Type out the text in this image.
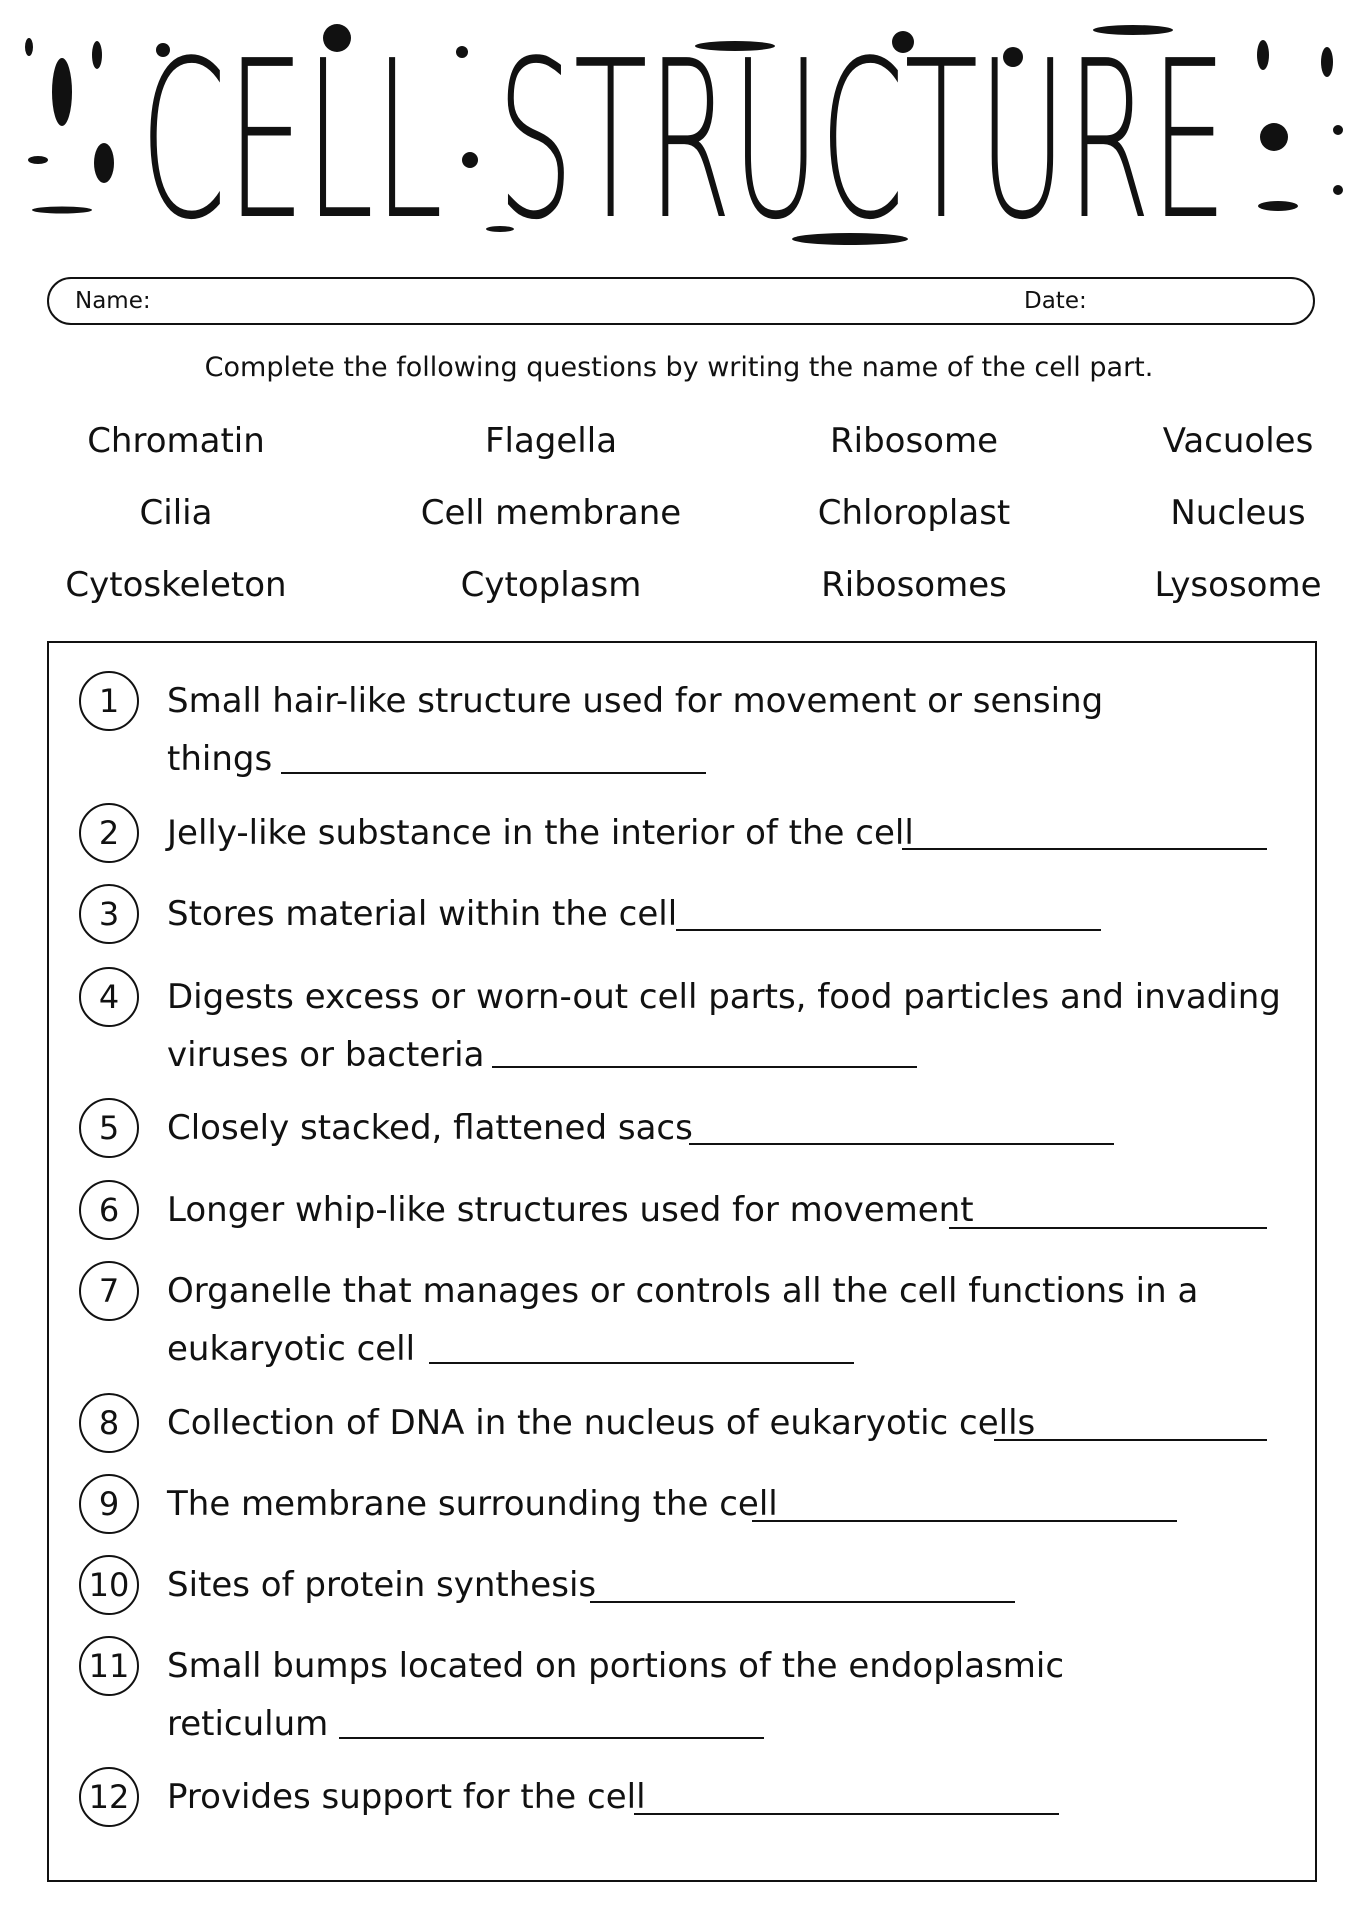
CELL STRUCTURE
Name:	Date:
Complete the following questions by writing the name of the cell part.
Chromatin	Flagella	Ribosome	Vacuoles
Cilia	Cell membrane	Chloroplast	Nucleus
Cytoskeleton	Cytoplasm	Ribosomes	Lysosome
1	Small hair-like structure used for movement or sensing
things
2	Jelly-like substance in the interior of the cell
3	Stores material within the cell
4	Digests excess or worn-out cell parts, food particles and invading
viruses or bacteria
5	Closely stacked, flattened sacs
6	Longer whip-like structures used for movement
7	Organelle that manages or controls all the cell functions in a
eukaryotic cell
8	Collection of DNA in the nucleus of eukaryotic cells
9	The membrane surrounding the cell
10 Sites of protein synthesis
11 Small bumps located on portions of the endoplasmic
reticulum
12 Provides support for the cell
